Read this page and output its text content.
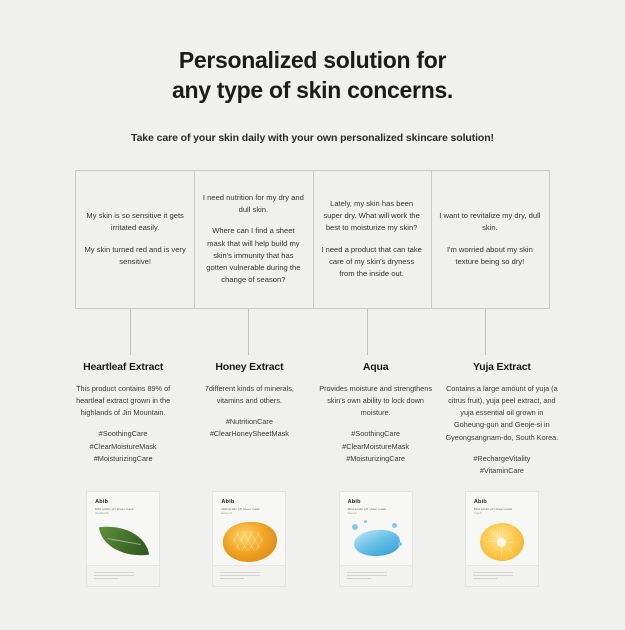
Personalized solution for
any type of skin concerns.
Take care of your skin daily with your own personalized skincare solution!

My skin is so sensitive it gets irritated easily.

My skin turned red and is very sensitive!

I need nutrition for my dry and dull skin.

Where can I find a sheet mask that will help build my skin's immunity that has gotten vulnerable during the change of season?

Lately, my skin has been super dry. What will work the best to moisturize my skin?

I need a product that can take care of my skin's dryness from the inside out.

I want to revitalize my dry, dull skin.

I'm worried about my skin texture being so dry!

Heartleaf Extract
This product contains 89% of heartleaf extract grown in the highlands of Jiri Mountain.
#SoothingCare
#ClearMoistureMask
#MoisturizingCare
Honey Extract
7different kinds of minerals, vitamins and others.
#NutritionCare
#ClearHoneySheetMask
Aqua
Provides moisture and strengthens skin's own ability to lock down moisture.
#SoothingCare
#ClearMoistureMask
#MoisturizingCare
Yuja Extract
Contains a large amount of yuja (a citrus fruit), yuja peel extract, and yuja essential oil grown in Goheung-gun and Geoje-si in Gyeongsangnam-do, South Korea.
#RechargeVitality
#VitaminCare
Abib
Mild acidic pH sheet mask
Heartleaf fit
Abib
Mild acidic pH sheet mask
Honey fit
Abib
Mild acidic pH sheet mask
Aqua fit
Abib
Mild acidic pH sheet mask
Yuja fit
